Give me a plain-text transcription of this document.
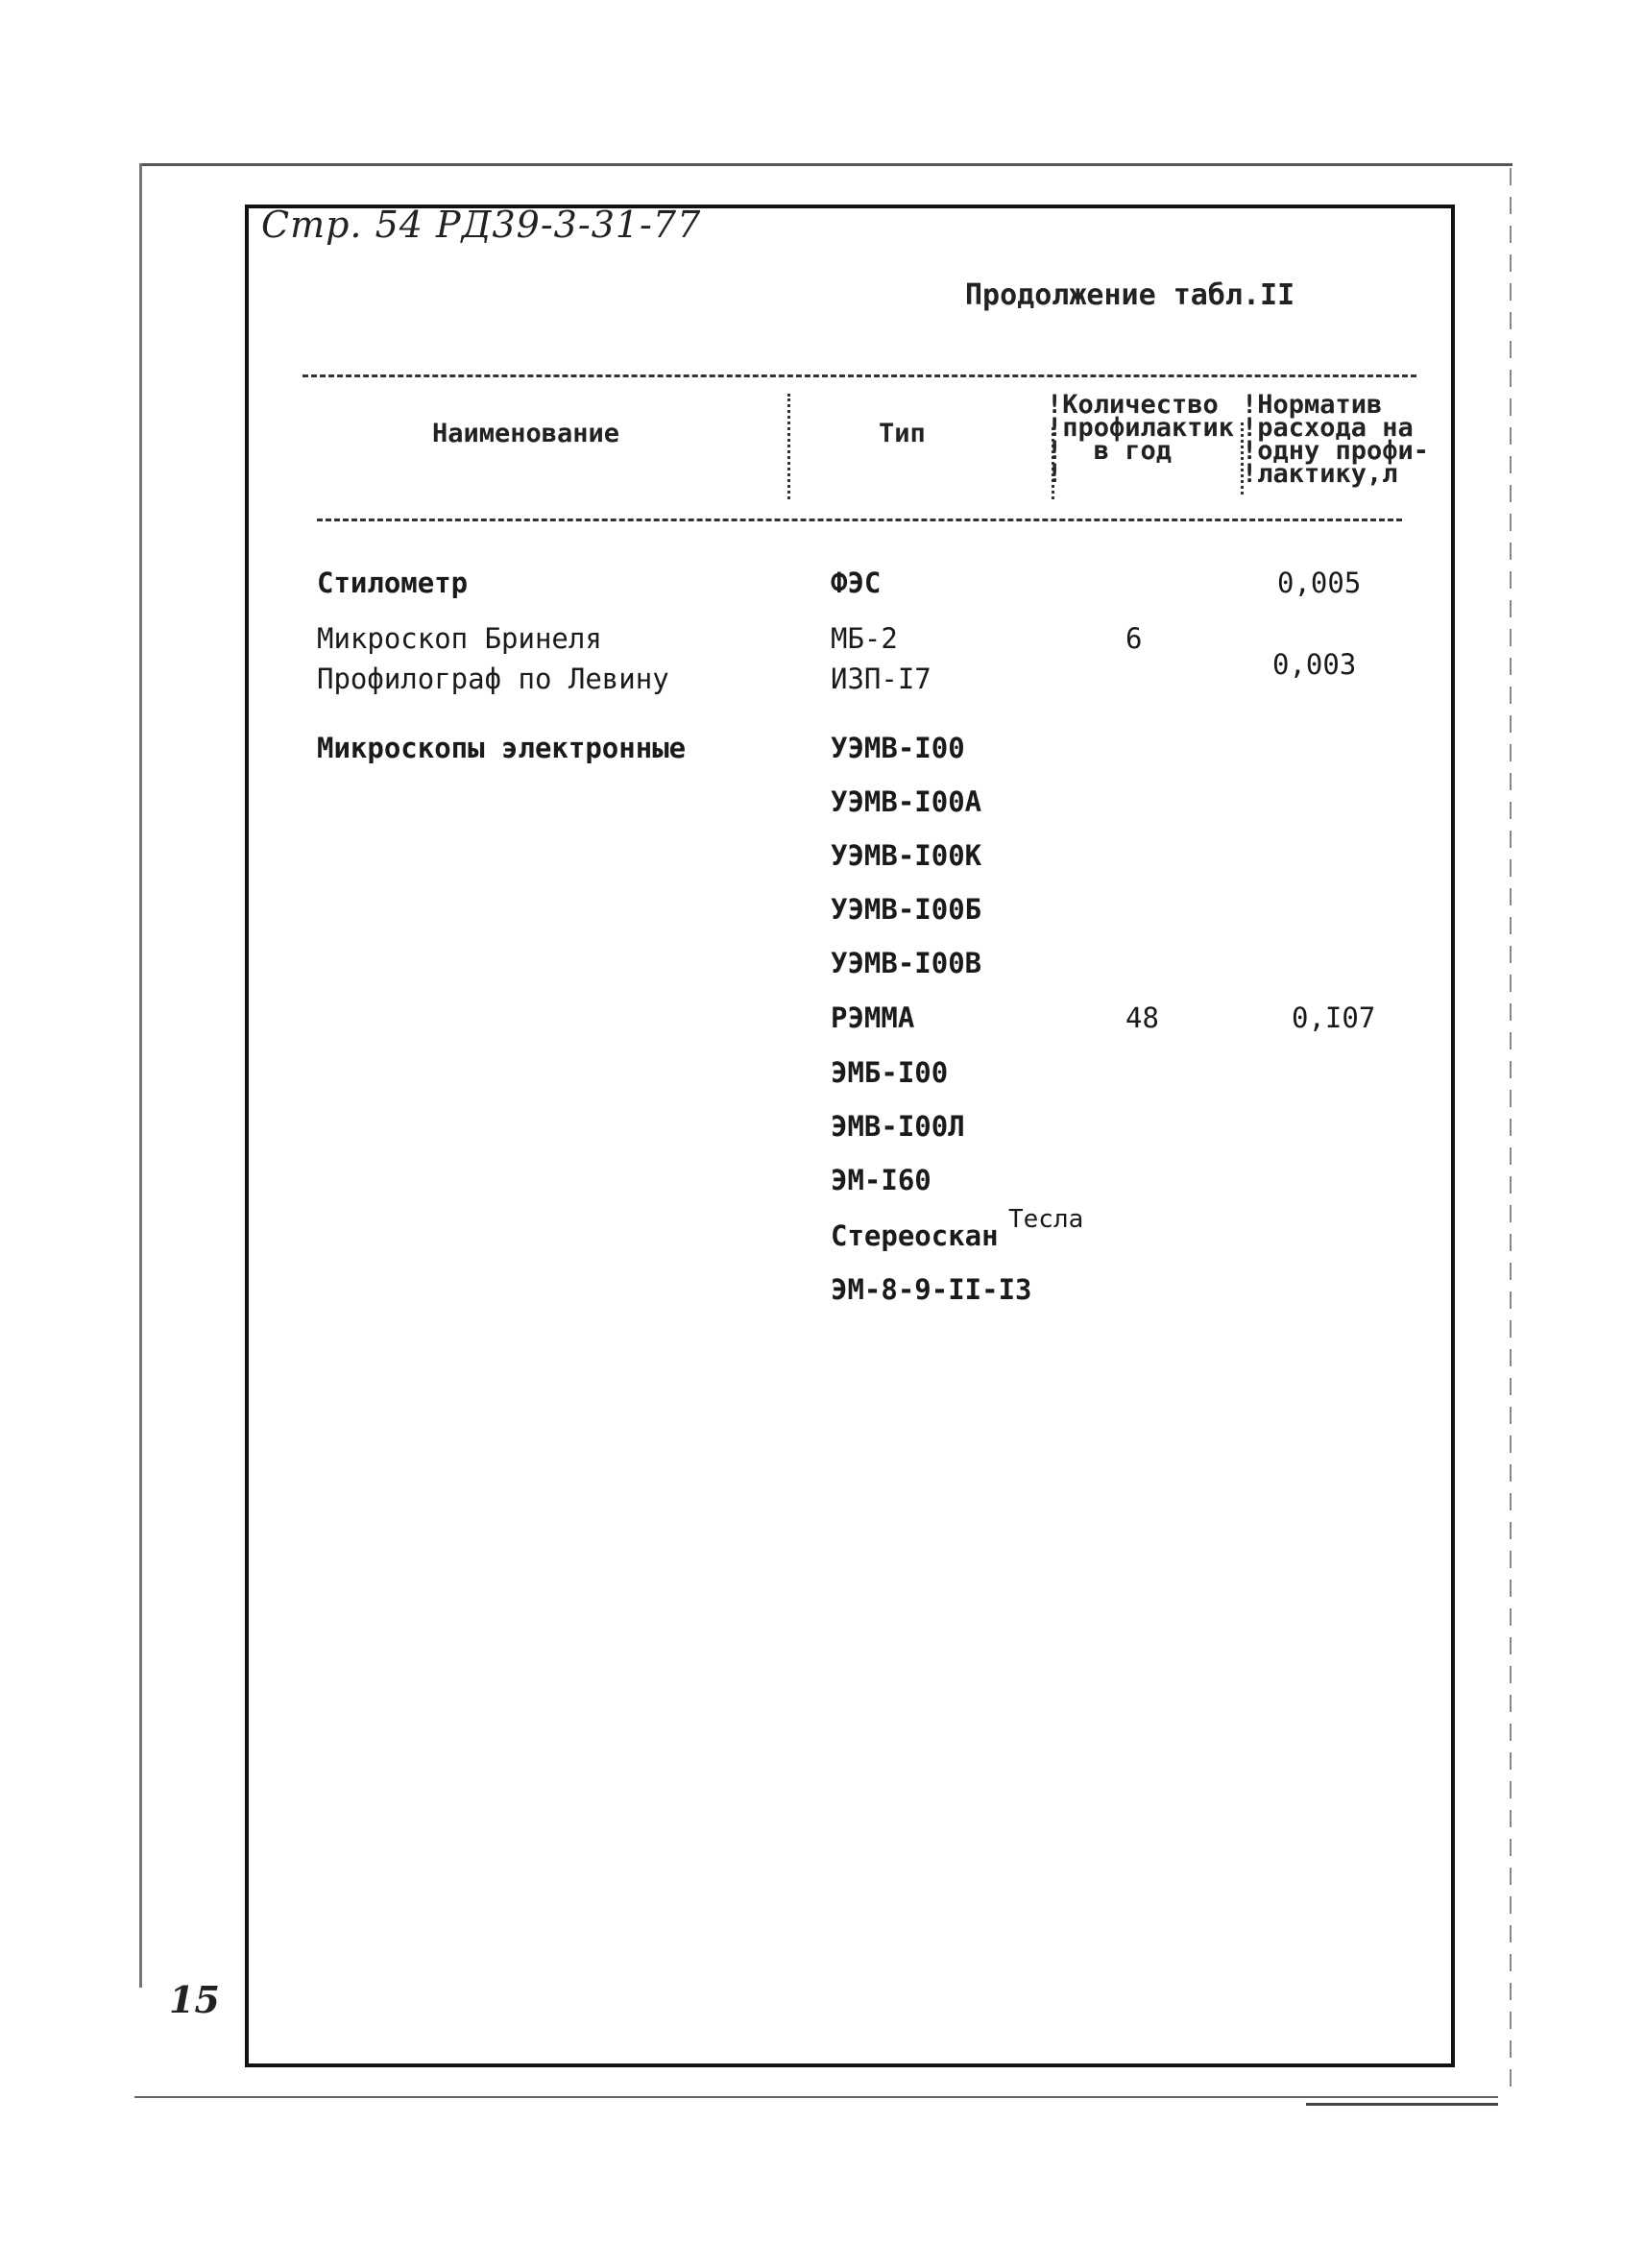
Стр. 54 РД39-3-31-77
Продолжение табл.II
Наименование	Тип
!Количество
!профилактик
!  в год
!
!Норматив
!расхода на
!одну профи-
!лактику,л
Стилометр
Микроскоп Бринеля
Профилограф по Левину
Микроскопы электронные
ФЭС
МБ-2
ИЗП-I7
УЭМВ-I00
УЭМВ-I00А
УЭМВ-I00К
УЭМВ-I00Б
УЭМВ-I00В
РЭММА
ЭМБ-I00
ЭМВ-I00Л
ЭМ-I60
Стереоскан Тесла
ЭМ-8-9-II-I3
6
48
0,005
0,003
0,I07
15
